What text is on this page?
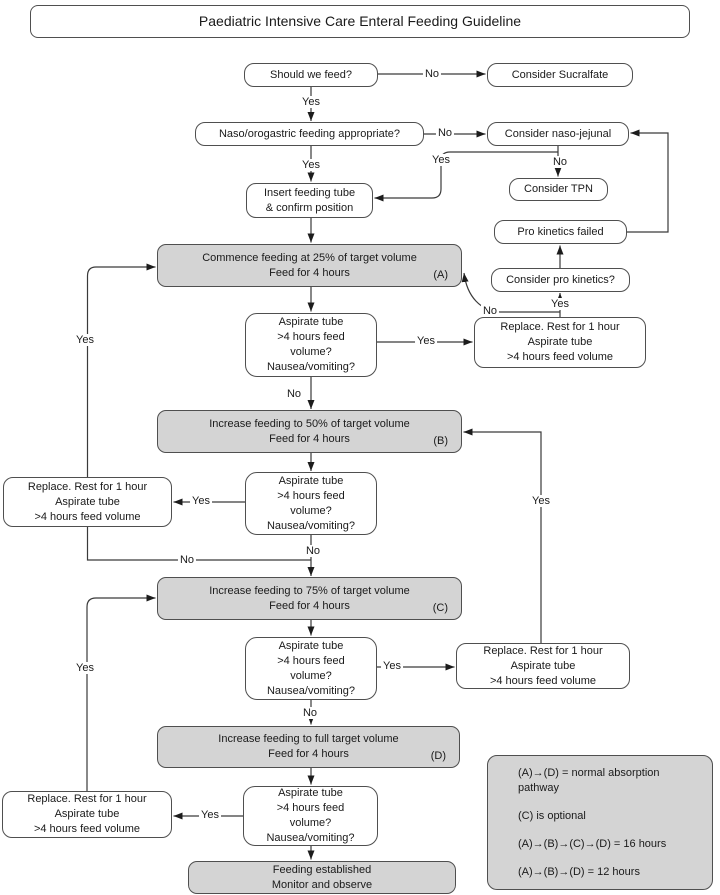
Paediatric Intensive Care Enteral Feeding Guideline
Should we feed?	Consider Sucralfate
Naso/orogastric feeding appropriate?	Consider naso-jejunal
Consider TPN
Insert feeding tube
& confirm position
Pro kinetics failed
Commence feeding at 25% of target volume
Feed for 4 hours	(A)	Consider pro kinetics?
Aspirate tube
>4 hours feed
volume?
Nausea/vomiting?
Replace. Rest for 1 hour
Aspirate tube
>4 hours feed volume
Increase feeding to 50% of target volume
Feed for 4 hours	(B)
Aspirate tube
>4 hours feed
volume?
Nausea/vomiting?
Replace. Rest for 1 hour
Aspirate tube
>4 hours feed volume
Increase feeding to 75% of target volume
Feed for 4 hours	(C)
Aspirate tube
>4 hours feed
volume?
Nausea/vomiting?
Replace. Rest for 1 hour
Aspirate tube
>4 hours feed volume
Increase feeding to full target volume
Feed for 4 hours	(D)
Aspirate tube
>4 hours feed
volume?
Nausea/vomiting?
Replace. Rest for 1 hour
Aspirate tube
>4 hours feed volume
Feeding established
Monitor and observe
(A)→(D) = normal absorption pathway
(C) is optional
(A)→(B)→(C)→(D) = 16 hours
(A)→(B)→(D) = 12 hours
Yes
No
Yes
No
Yes	No
Yes
No
No
Yes
Yes
Yes
No
No
Yes
Yes
No
Yes
Yes
